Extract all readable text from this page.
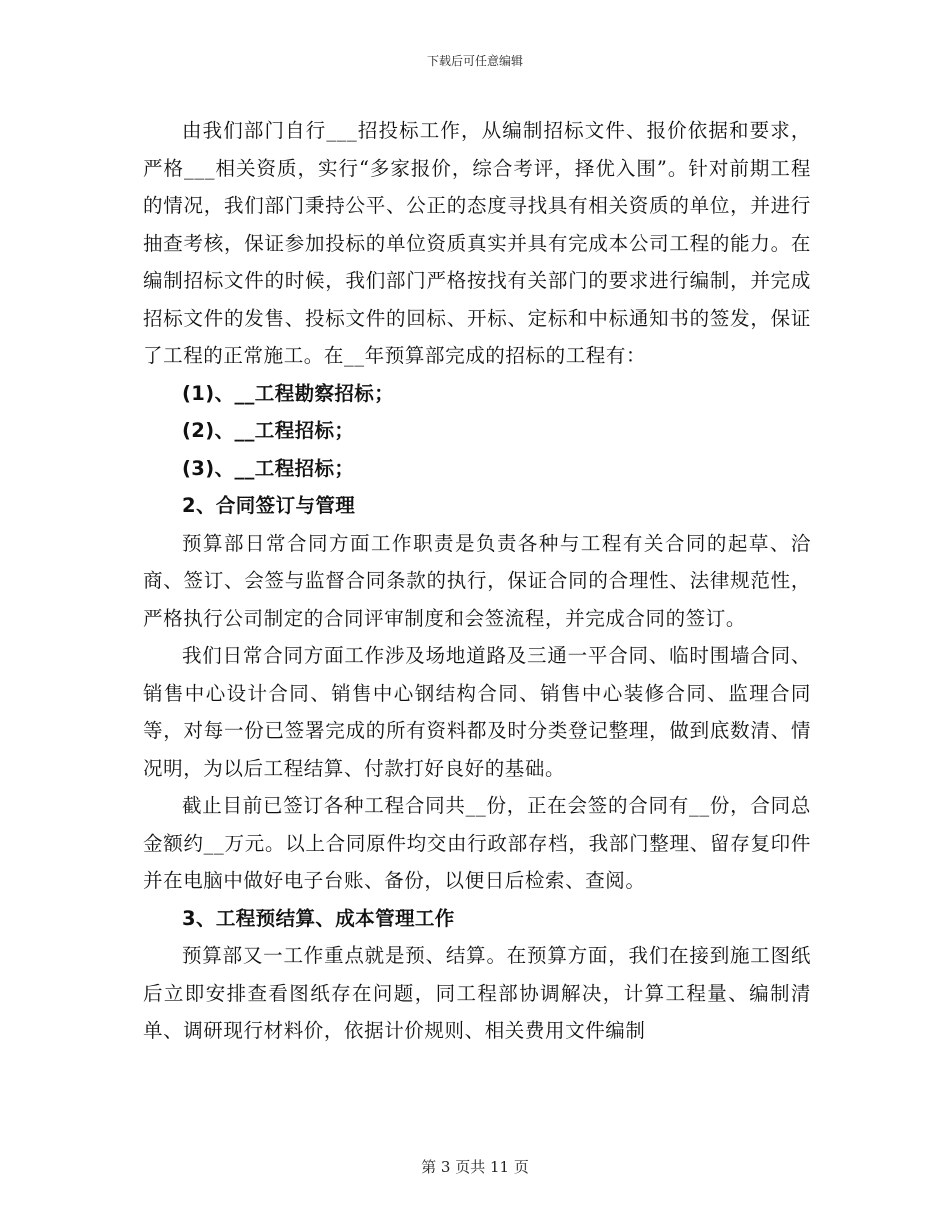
下载后可任意编辑

由我们部门自行___招投标工作，从编制招标文件、报价依据和要求，严格___相关资质，实行“多家报价，综合考评，择优入围”。针对前期工程的情况，我们部门秉持公平、公正的态度寻找具有相关资质的单位，并进行抽查考核，保证参加投标的单位资质真实并具有完成本公司工程的能力。在编制招标文件的时候，我们部门严格按找有关部门的要求进行编制，并完成招标文件的发售、投标文件的回标、开标、定标和中标通知书的签发，保证了工程的正常施工。在__年预算部完成的招标的工程有：

(1)、__工程勘察招标；

(2)、__工程招标；

(3)、__工程招标；

2、合同签订与管理

预算部日常合同方面工作职责是负责各种与工程有关合同的起草、洽商、签订、会签与监督合同条款的执行，保证合同的合理性、法律规范性，严格执行公司制定的合同评审制度和会签流程，并完成合同的签订。

我们日常合同方面工作涉及场地道路及三通一平合同、临时围墙合同、销售中心设计合同、销售中心钢结构合同、销售中心装修合同、监理合同等，对每一份已签署完成的所有资料都及时分类登记整理，做到底数清、情况明，为以后工程结算、付款打好良好的基础。

截止目前已签订各种工程合同共__份，正在会签的合同有__份，合同总金额约__万元。以上合同原件均交由行政部存档，我部门整理、留存复印件并在电脑中做好电子台账、备份，以便日后检索、查阅。

3、工程预结算、成本管理工作

预算部又一工作重点就是预、结算。在预算方面，我们在接到施工图纸后立即安排查看图纸存在问题，同工程部协调解决，计算工程量、编制清单、调研现行材料价，依据计价规则、相关费用文件编制

第 3 页共 11 页
